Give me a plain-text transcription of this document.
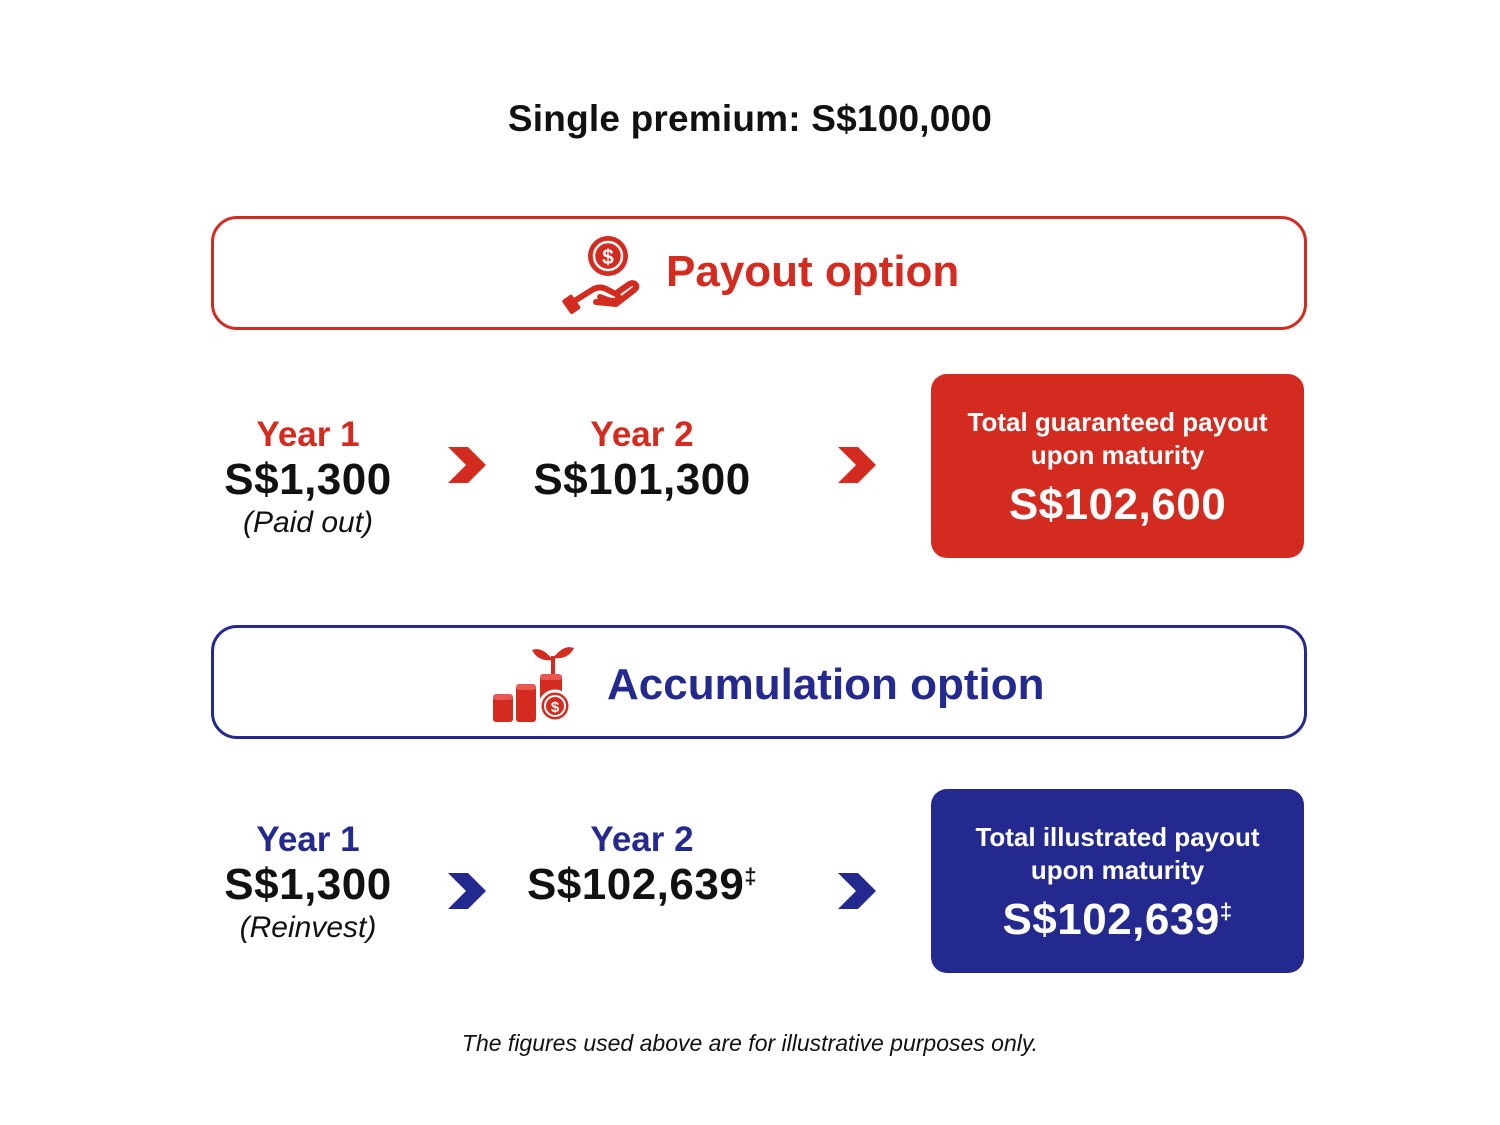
Single premium: S$100,000
$ Payout option
Year 1
S$1,300
(Paid out)
Year 2
S$101,300
Total guaranteed payout
upon maturity
S$102,600
$ Accumulation option
Year 1
S$1,300
(Reinvest)
Year 2
S$102,639‡
Total illustrated payout
upon maturity
S$102,639‡
The figures used above are for illustrative purposes only.
